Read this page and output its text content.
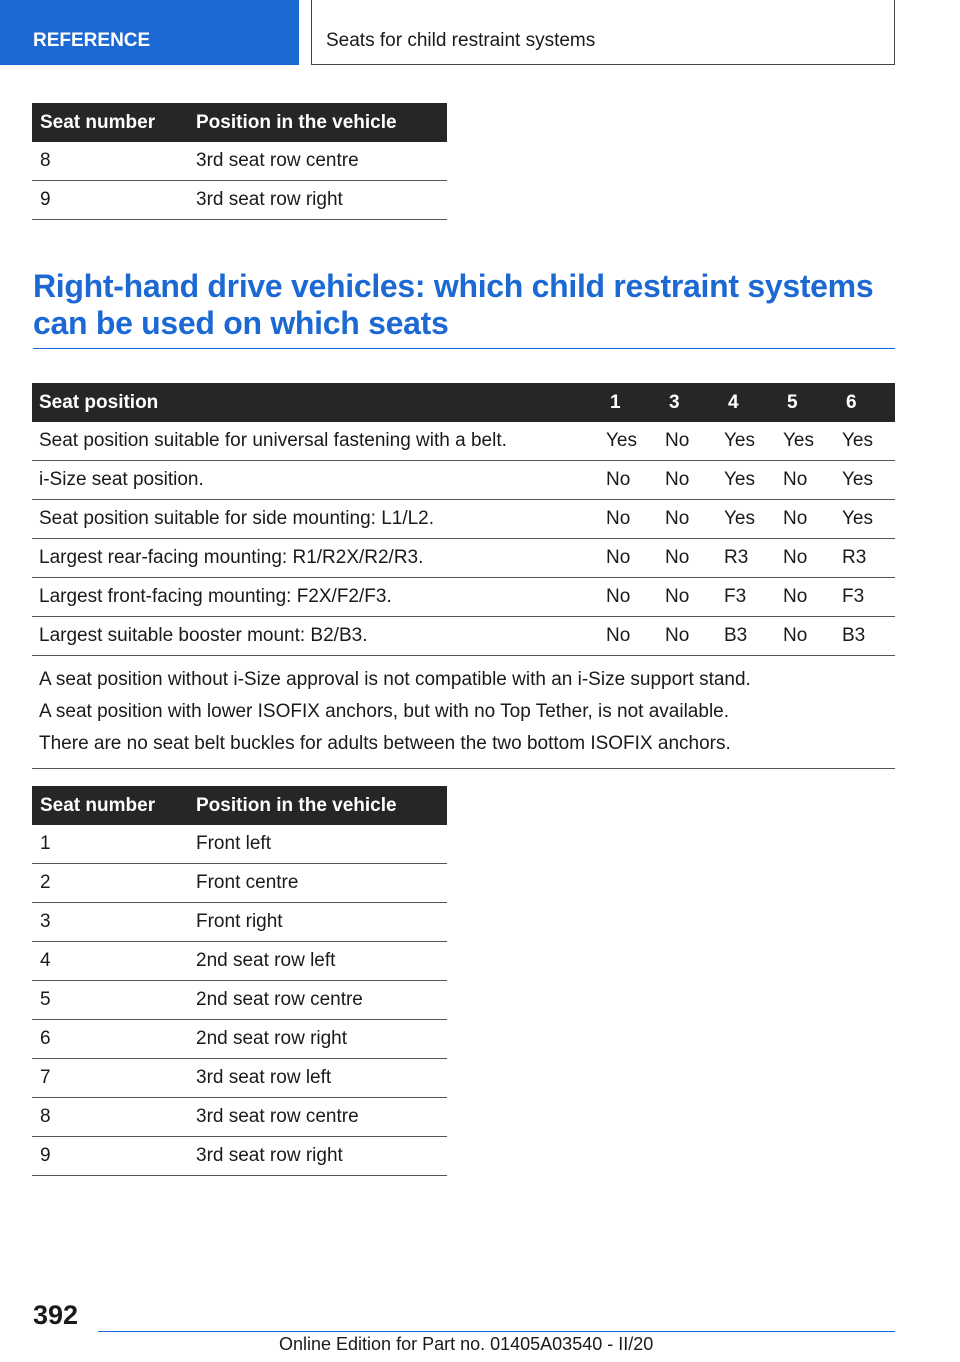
REFERENCE	Seats for child restraint systems
Seat number	Position in the vehicle
8	3rd seat row centre
9	3rd seat row right
Right-hand drive vehicles: which child restraint systems can be used on which seats
Seat position	1	3	4	5	6
Seat position suitable for universal fastening with a belt.	Yes	No	Yes	Yes	Yes
i-Size seat position.	No	No	Yes	No	Yes
Seat position suitable for side mounting: L1/L2.	No	No	Yes	No	Yes
Largest rear-facing mounting: R1/R2X/R2/R3.	No	No	R3	No	R3
Largest front-facing mounting: F2X/F2/F3.	No	No	F3	No	F3
Largest suitable booster mount: B2/B3.	No	No	B3	No	B3

A seat position without i-Size approval is not compatible with an i-Size support stand.
A seat position with lower ISOFIX anchors, but with no Top Tether, is not available.
There are no seat belt buckles for adults between the two bottom ISOFIX anchors.					
Seat number	Position in the vehicle
1	Front left
2	Front centre
3	Front right
4	2nd seat row left
5	2nd seat row centre
6	2nd seat row right
7	3rd seat row left
8	3rd seat row centre
9	3rd seat row right
392
Online Edition for Part no. 01405A03540 - II/20
